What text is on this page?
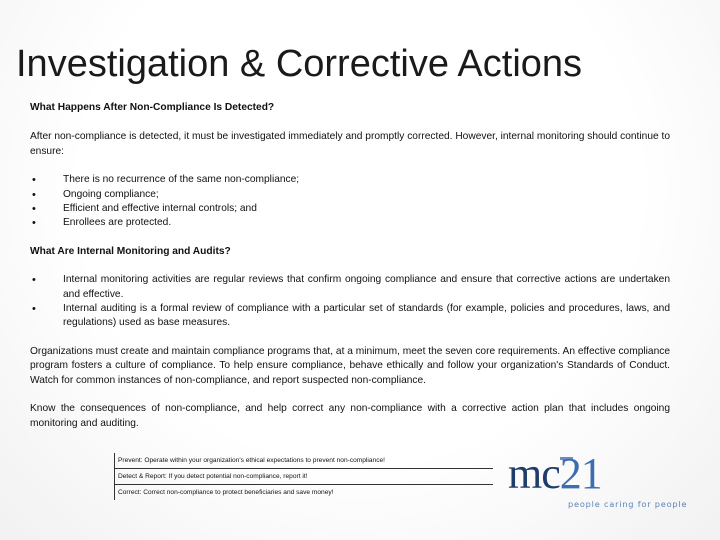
Investigation & Corrective Actions

What Happens After Non-Compliance Is Detected?

After non-compliance is detected, it must be investigated immediately and promptly corrected. However, internal monitoring should continue to ensure:

• There is no recurrence of the same non-compliance;
• Ongoing compliance;
• Efficient and effective internal controls; and
• Enrollees are protected.

What Are Internal Monitoring and Audits?

• Internal monitoring activities are regular reviews that confirm ongoing compliance and ensure that corrective actions are undertaken and effective.
• Internal auditing is a formal review of compliance with a particular set of standards (for example, policies and procedures, laws, and regulations) used as base measures.

Organizations must create and maintain compliance programs that, at a minimum, meet the seven core requirements. An effective compliance program fosters a culture of compliance. To help ensure compliance, behave ethically and follow your organization's Standards of Conduct. Watch for common instances of non-compliance, and report suspected non-compliance.

Know the consequences of non-compliance, and help correct any non-compliance with a corrective action plan that includes ongoing monitoring and auditing.

Prevent: Operate within your organization's ethical expectations to prevent non-compliance!
Detect & Report: If you detect potential non-compliance, report it!
Correct: Correct non-compliance to protect beneficiaries and save money!	mc21
people caring for people
